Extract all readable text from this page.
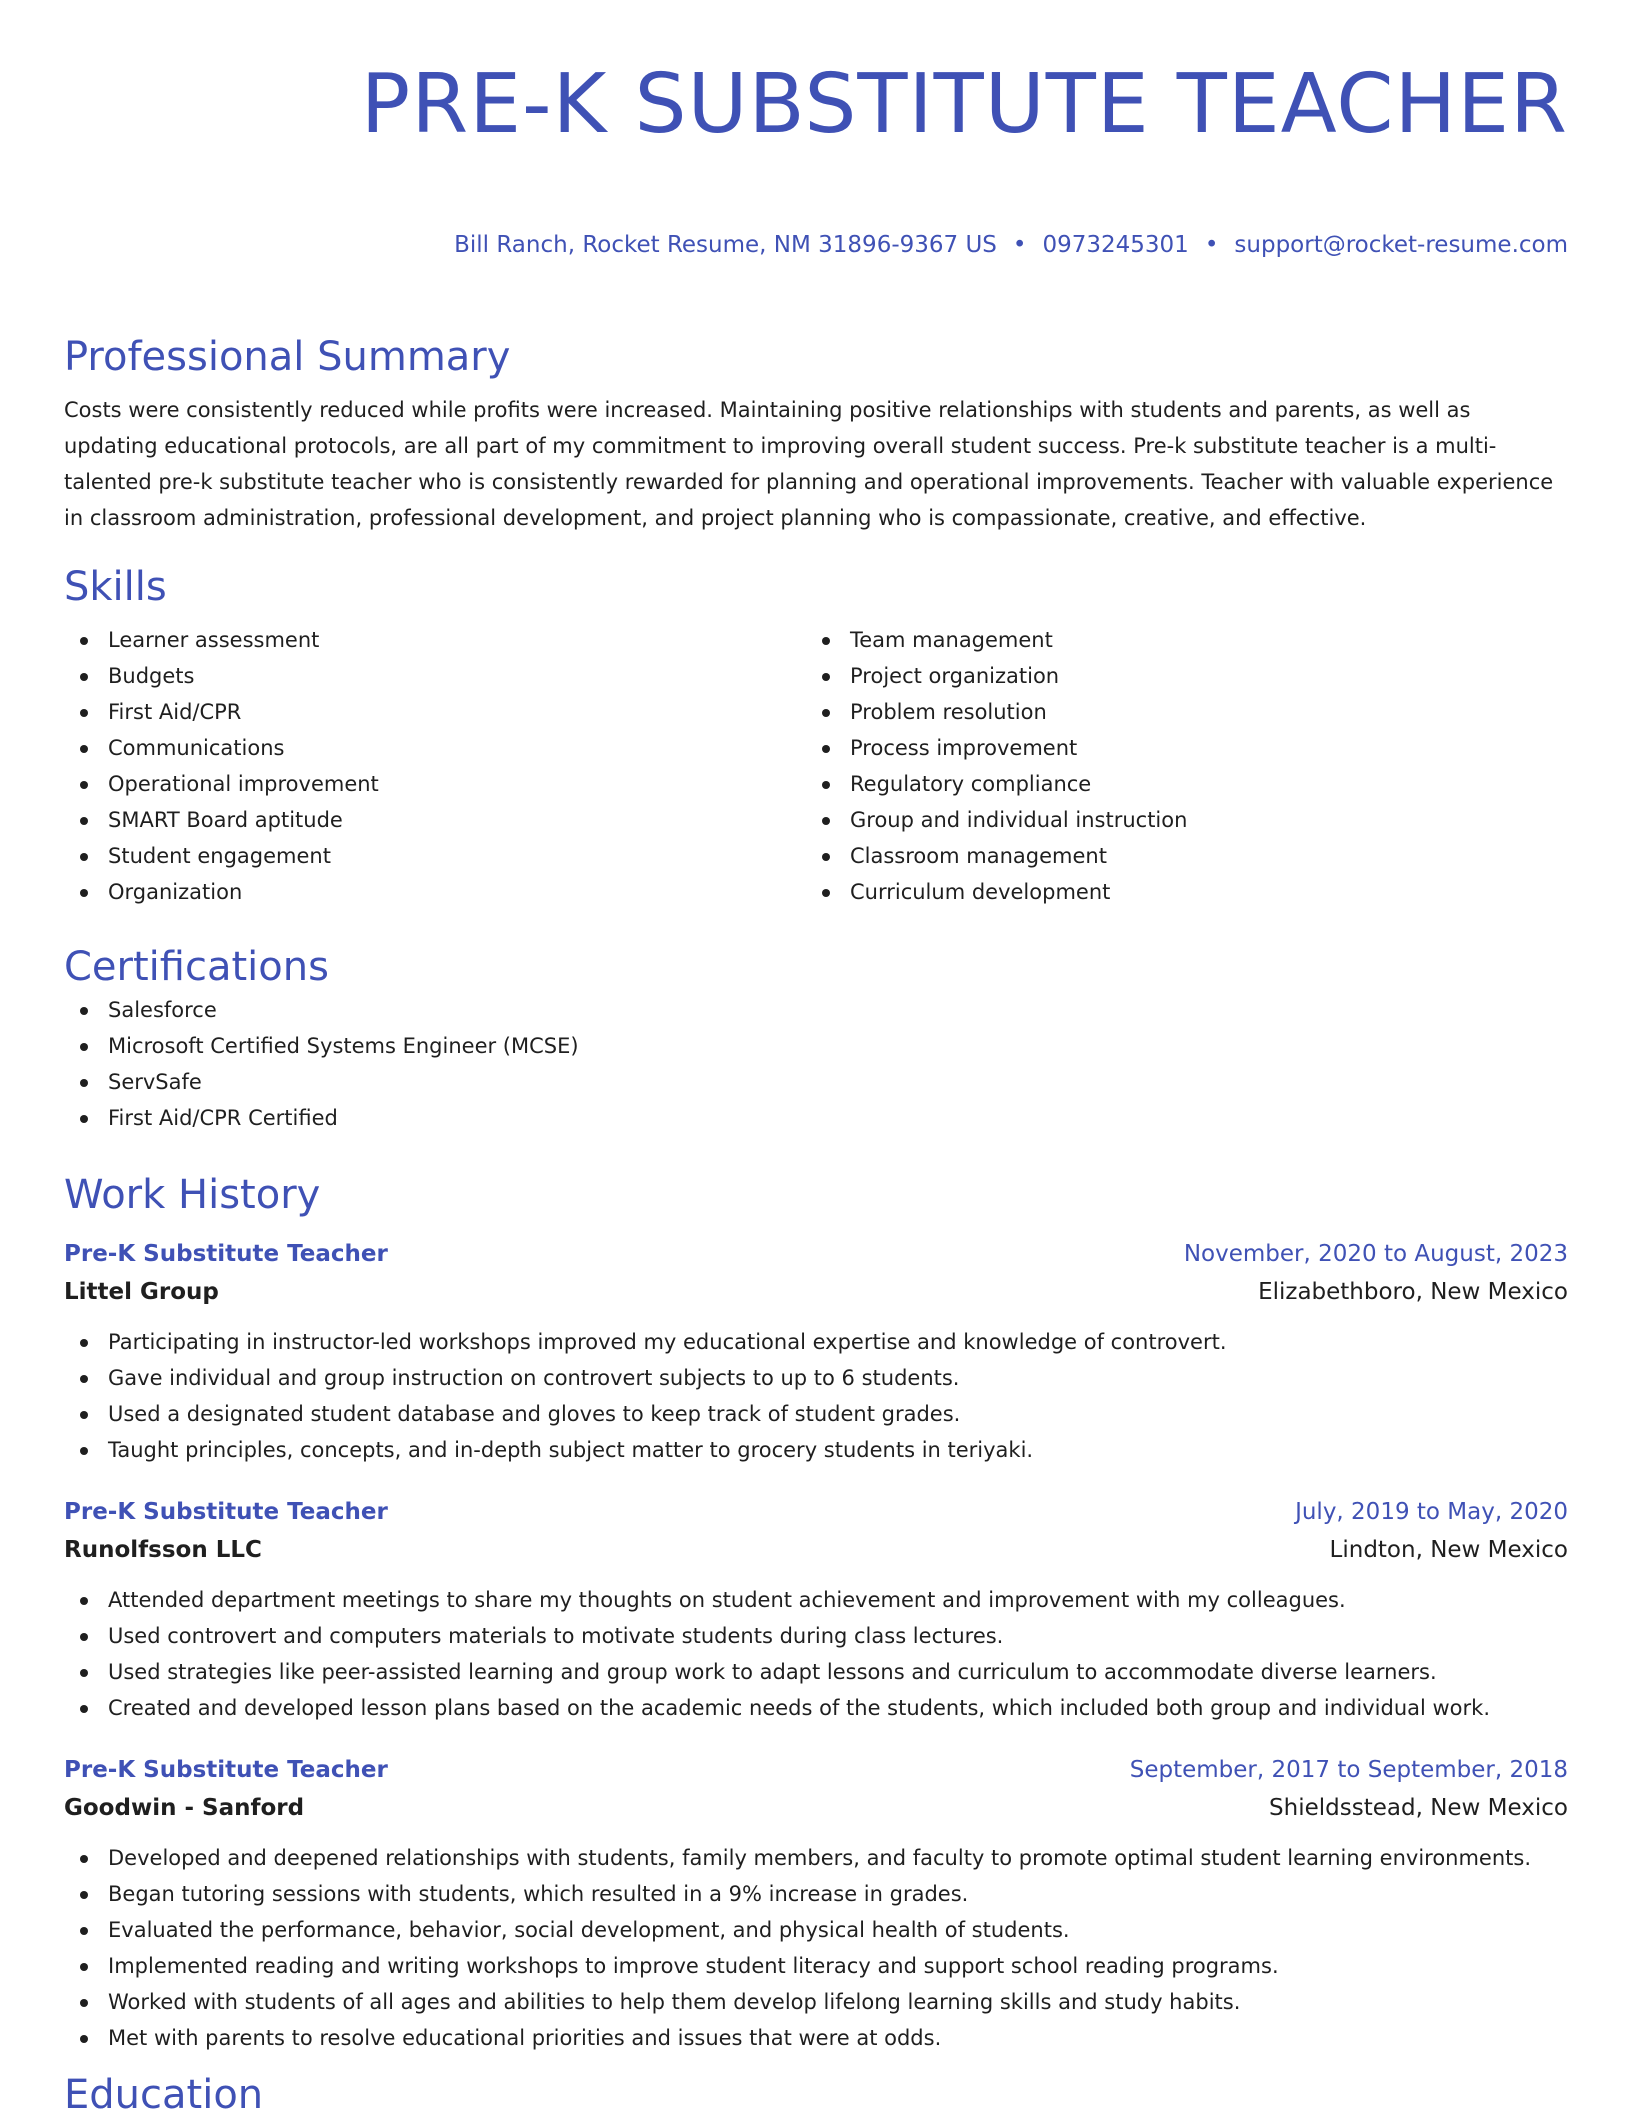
PRE-K SUBSTITUTE TEACHER
Bill Ranch, Rocket Resume, NM 31896-9367 US • 0973245301 • support@rocket-resume.com
Professional Summary
Costs were consistently reduced while profits were increased. Maintaining positive relationships with students and parents, as well as updating educational protocols, are all part of my commitment to improving overall student success. Pre-k substitute teacher is a multi-talented pre-k substitute teacher who is consistently rewarded for planning and operational improvements. Teacher with valuable experience in classroom administration, professional development, and project planning who is compassionate, creative, and effective.
Skills
Learner assessment
Budgets
First Aid/CPR
Communications
Operational improvement
SMART Board aptitude
Student engagement
Organization
Team management
Project organization
Problem resolution
Process improvement
Regulatory compliance
Group and individual instruction
Classroom management
Curriculum development
Certifications
Salesforce
Microsoft Certified Systems Engineer (MCSE)
ServSafe
First Aid/CPR Certified
Work History
Pre-K Substitute Teacher	November, 2020 to August, 2023
Littel Group	Elizabethboro, New Mexico
Participating in instructor-led workshops improved my educational expertise and knowledge of controvert.
Gave individual and group instruction on controvert subjects to up to 6 students.
Used a designated student database and gloves to keep track of student grades.
Taught principles, concepts, and in-depth subject matter to grocery students in teriyaki.
Pre-K Substitute Teacher	July, 2019 to May, 2020
Runolfsson LLC	Lindton, New Mexico
Attended department meetings to share my thoughts on student achievement and improvement with my colleagues.
Used controvert and computers materials to motivate students during class lectures.
Used strategies like peer-assisted learning and group work to adapt lessons and curriculum to accommodate diverse learners.
Created and developed lesson plans based on the academic needs of the students, which included both group and individual work.
Pre-K Substitute Teacher	September, 2017 to September, 2018
Goodwin - Sanford	Shieldsstead, New Mexico
Developed and deepened relationships with students, family members, and faculty to promote optimal student learning environments.
Began tutoring sessions with students, which resulted in a 9% increase in grades.
Evaluated the performance, behavior, social development, and physical health of students.
Implemented reading and writing workshops to improve student literacy and support school reading programs.
Worked with students of all ages and abilities to help them develop lifelong learning skills and study habits.
Met with parents to resolve educational priorities and issues that were at odds.
Education
